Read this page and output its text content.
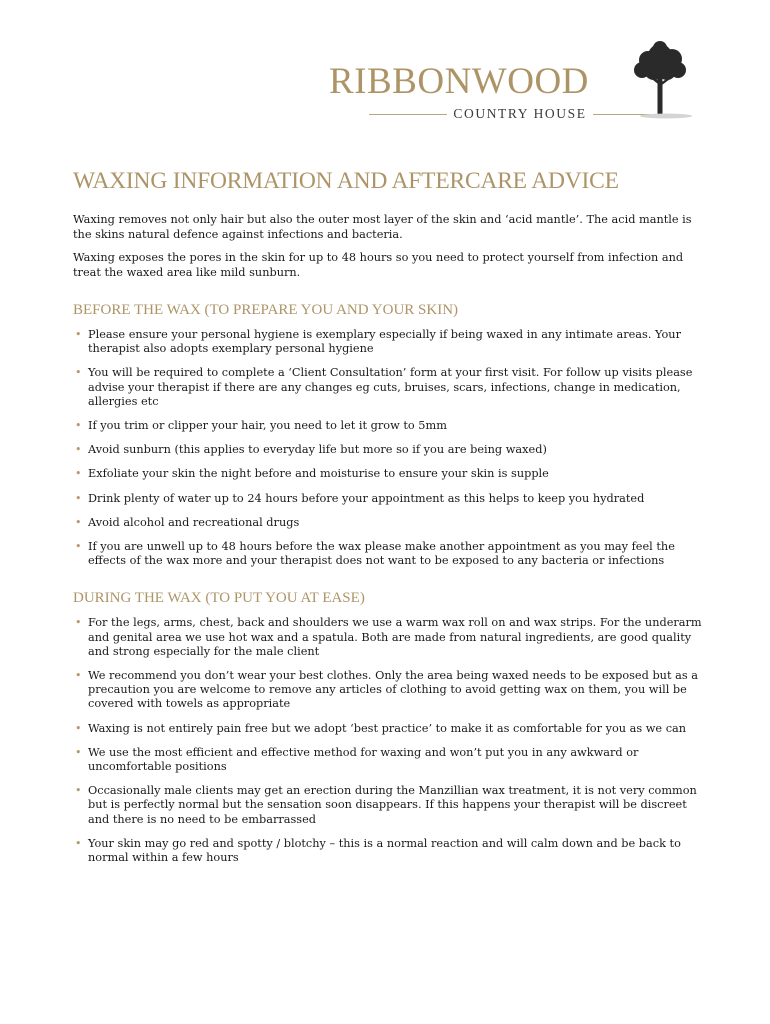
RIBBONWOOD
COUNTRY HOUSE
WAXING INFORMATION AND AFTERCARE ADVICE

Waxing removes not only hair but also the outer most layer of the skin and ‘acid mantle’. The acid mantle is the skins natural defence against infections and bacteria.

Waxing exposes the pores in the skin for up to 48 hours so you need to protect yourself from infection and treat the waxed area like mild sunburn.

BEFORE THE WAX (TO PREPARE YOU AND YOUR SKIN)
• Please ensure your personal hygiene is exemplary especially if being waxed in any intimate areas. Your therapist also adopts exemplary personal hygiene
• You will be required to complete a ‘Client Consultation’ form at your first visit. For follow up visits please advise your therapist if there are any changes eg cuts, bruises, scars, infections, change in medication, allergies etc
• If you trim or clipper your hair, you need to let it grow to 5mm
• Avoid sunburn (this applies to everyday life but more so if you are being waxed)
• Exfoliate your skin the night before and moisturise to ensure your skin is supple
• Drink plenty of water up to 24 hours before your appointment as this helps to keep you hydrated
• Avoid alcohol and recreational drugs
• If you are unwell up to 48 hours before the wax please make another appointment as you may feel the effects of the wax more and your therapist does not want to be exposed to any bacteria or infections
DURING THE WAX (TO PUT YOU AT EASE)
• For the legs, arms, chest, back and shoulders we use a warm wax roll on and wax strips. For the underarm and genital area we use hot wax and a spatula. Both are made from natural ingredients, are good quality and strong especially for the male client
• We recommend you don’t wear your best clothes. Only the area being waxed needs to be exposed but as a precaution you are welcome to remove any articles of clothing to avoid getting wax on them, you will be covered with towels as appropriate
• Waxing is not entirely pain free but we adopt ‘best practice’ to make it as comfortable for you as we can
• We use the most efficient and effective method for waxing and won’t put you in any awkward or uncomfortable positions
• Occasionally male clients may get an erection during the Manzillian wax treatment, it is not very common but is perfectly normal but the sensation soon disappears. If this happens your therapist will be discreet and there is no need to be embarrassed
• Your skin may go red and spotty / blotchy – this is a normal reaction and will calm down and be back to normal within a few hours
